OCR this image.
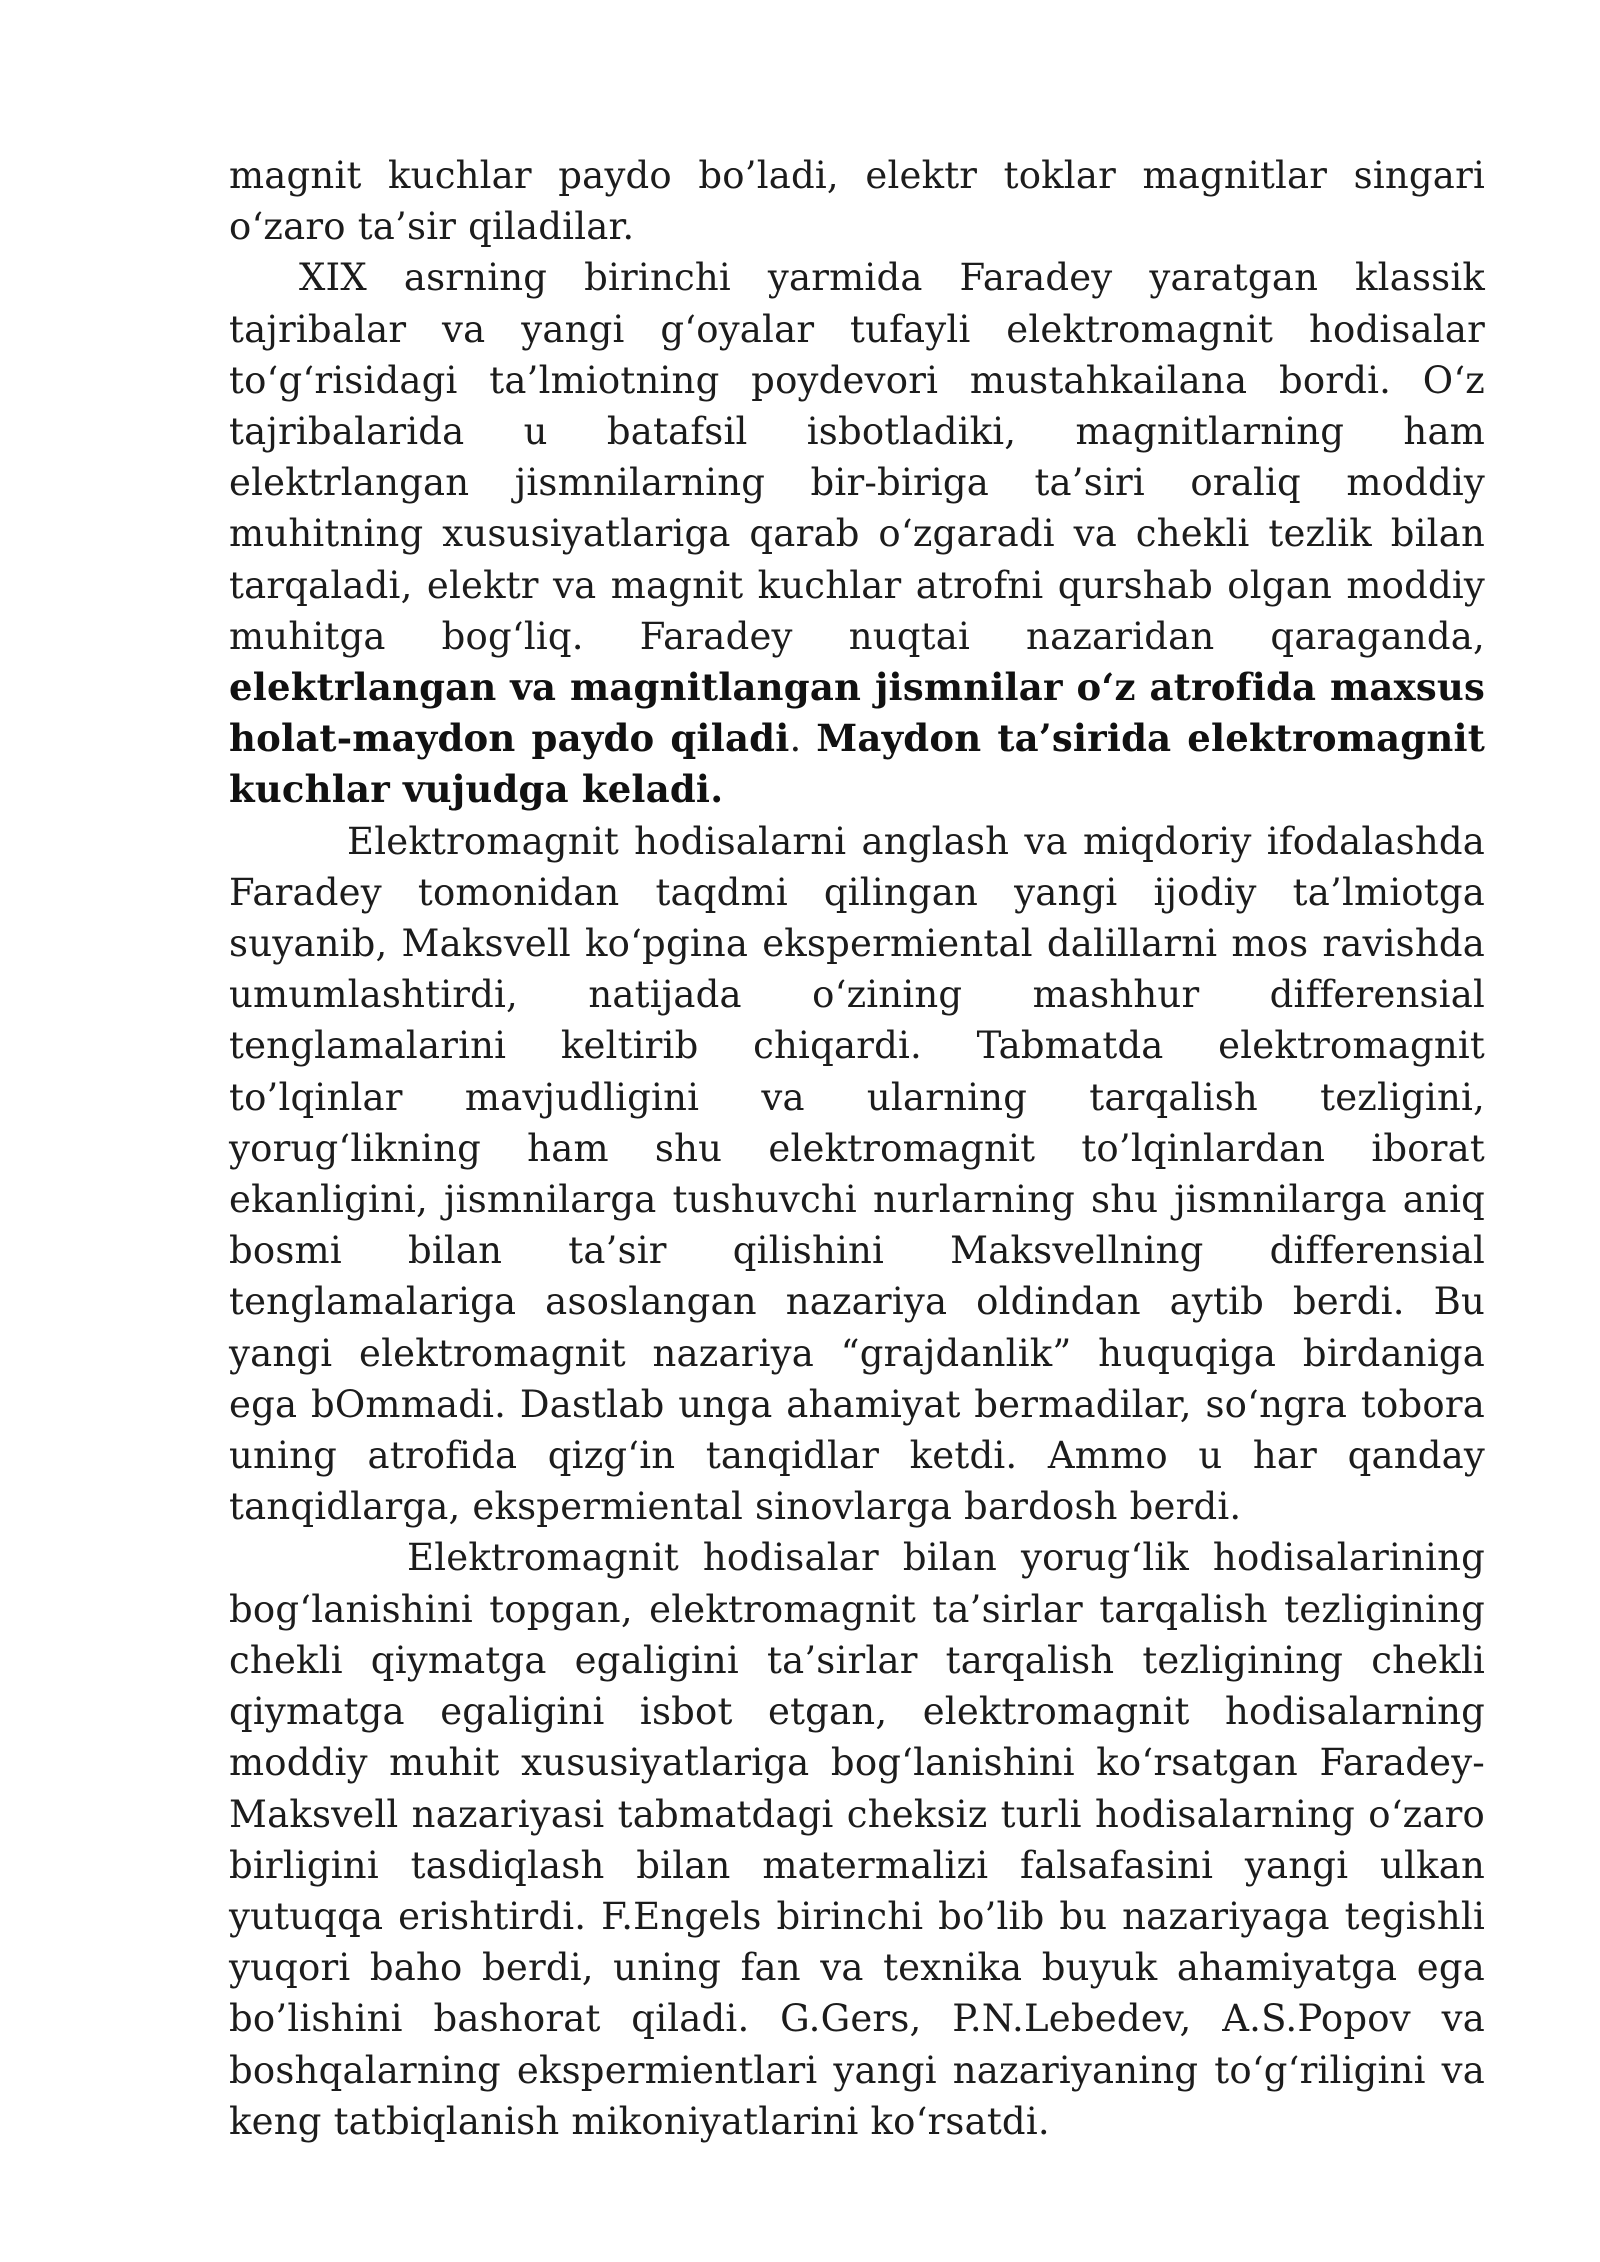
magnit kuchlar paydo bo’ladi, elektr toklar magnitlar singari o‘zaro ta’sir qiladilar.

XIX asrning birinchi yarmida Faradey yaratgan klassik tajribalar va yangi g‘oyalar tufayli elektromagnit hodisalar to‘g‘risidagi ta’lmiotning poydevori mustahkailana bordi. O‘z tajribalarida u batafsil isbotladiki, magnitlarning ham elektrlangan jismnilarning bir-biriga ta’siri oraliq moddiy muhitning xususiyatlariga qarab o‘zgaradi va chekli tezlik bilan tarqaladi, elektr va magnit kuchlar atrofni qurshab olgan moddiy muhitga bog‘liq. Faradey nuqtai nazaridan qaraganda, elektrlangan va magnitlangan jismnilar o‘z atrofida maxsus holat-maydon paydo qiladi. Maydon ta’sirida elektromagnit kuchlar vujudga keladi.

Elektromagnit hodisalarni anglash va miqdoriy ifodalashda Faradey tomonidan taqdmi qilingan yangi ijodiy ta’lmiotga suyanib, Maksvell ko‘pgina ekspermiental dalillarni mos ravishda umumlashtirdi, natijada o‘zining mashhur differensial tenglamalarini keltirib chiqardi. Tabmatda elektromagnit to’lqinlar mavjudligini va ularning tarqalish tezligini, yorug‘likning ham shu elektromagnit to’lqinlardan iborat ekanligini, jismnilarga tushuvchi nurlarning shu jismnilarga aniq bosmi bilan ta’sir qilishini Maksvellning differensial tenglamalariga asoslangan nazariya oldindan aytib berdi. Bu yangi elektromagnit nazariya “grajdanlik” huquqiga birdaniga ega bOmmadi. Dastlab unga ahamiyat bermadilar, so‘ngra tobora uning atrofida qizg‘in tanqidlar ketdi. Ammo u har qanday tanqidlarga, ekspermiental sinovlarga bardosh berdi.

Elektromagnit hodisalar bilan yorug‘lik hodisalarining bog‘lanishini topgan, elektromagnit ta’sirlar tarqalish tezligining chekli qiymatga egaligini ta’sirlar tarqalish tezligining chekli qiymatga egaligini isbot etgan, elektromagnit hodisalarning moddiy muhit xususiyatlariga bog‘lanishini ko‘rsatgan Faradey-Maksvell nazariyasi tabmatdagi cheksiz turli hodisalarning o‘zaro birligini tasdiqlash bilan matermalizi falsafasini yangi ulkan yutuqqa erishtirdi. F.Engels birinchi bo’lib bu nazariyaga tegishli yuqori baho berdi, uning fan va texnika buyuk ahamiyatga ega bo’lishini bashorat qiladi. G.Gers, P.N.Lebedev, A.S.Popov va boshqalarning ekspermientlari yangi nazariyaning to‘g‘riligini va keng tatbiqlanish mikoniyatlarini ko‘rsatdi.
